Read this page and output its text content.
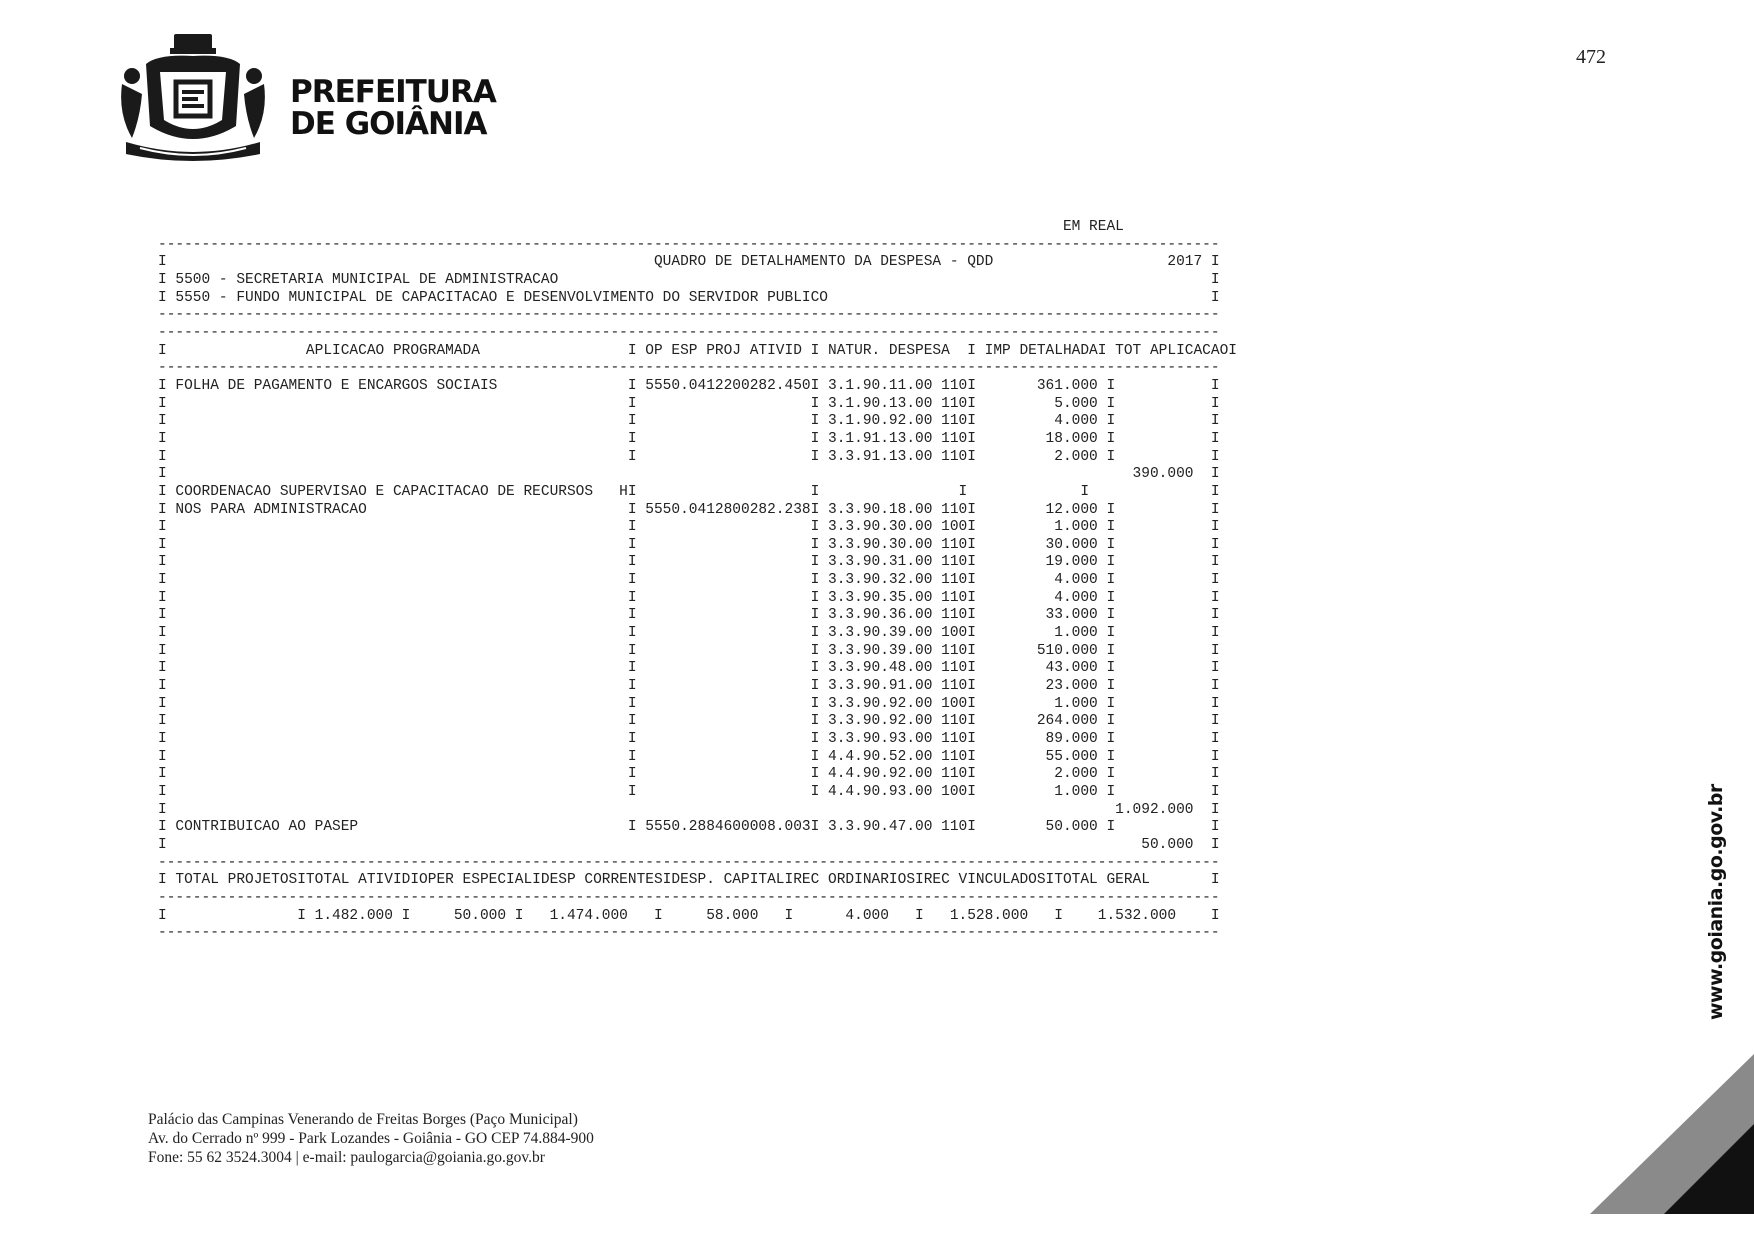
PREFEITURA
DE GOIÂNIA
472
EM REAL
--------------------------------------------------------------------------------------------------------------------------
I                                                        QUADRO DE DETALHAMENTO DA DESPESA - QDD                    2017 I
I 5500 - SECRETARIA MUNICIPAL DE ADMINISTRACAO                                                                           I
I 5550 - FUNDO MUNICIPAL DE CAPACITACAO E DESENVOLVIMENTO DO SERVIDOR PUBLICO                                            I
--------------------------------------------------------------------------------------------------------------------------
--------------------------------------------------------------------------------------------------------------------------
I                APLICACAO PROGRAMADA                 I OP ESP PROJ ATIVID I NATUR. DESPESA  I IMP DETALHADAI TOT APLICACAOI
--------------------------------------------------------------------------------------------------------------------------
I FOLHA DE PAGAMENTO E ENCARGOS SOCIAIS               I 5550.0412200282.450I 3.1.90.11.00 110I       361.000 I           I
I                                                     I                    I 3.1.90.13.00 110I         5.000 I           I
I                                                     I                    I 3.1.90.92.00 110I         4.000 I           I
I                                                     I                    I 3.1.91.13.00 110I        18.000 I           I
I                                                     I                    I 3.3.91.13.00 110I         2.000 I           I
I                                                                                                               390.000  I
I COORDENACAO SUPERVISAO E CAPACITACAO DE RECURSOS   HI                    I                I             I              I
I NOS PARA ADMINISTRACAO                              I 5550.0412800282.238I 3.3.90.18.00 110I        12.000 I           I
I                                                     I                    I 3.3.90.30.00 100I         1.000 I           I
I                                                     I                    I 3.3.90.30.00 110I        30.000 I           I
I                                                     I                    I 3.3.90.31.00 110I        19.000 I           I
I                                                     I                    I 3.3.90.32.00 110I         4.000 I           I
I                                                     I                    I 3.3.90.35.00 110I         4.000 I           I
I                                                     I                    I 3.3.90.36.00 110I        33.000 I           I
I                                                     I                    I 3.3.90.39.00 100I         1.000 I           I
I                                                     I                    I 3.3.90.39.00 110I       510.000 I           I
I                                                     I                    I 3.3.90.48.00 110I        43.000 I           I
I                                                     I                    I 3.3.90.91.00 110I        23.000 I           I
I                                                     I                    I 3.3.90.92.00 100I         1.000 I           I
I                                                     I                    I 3.3.90.92.00 110I       264.000 I           I
I                                                     I                    I 3.3.90.93.00 110I        89.000 I           I
I                                                     I                    I 4.4.90.52.00 110I        55.000 I           I
I                                                     I                    I 4.4.90.92.00 110I         2.000 I           I
I                                                     I                    I 4.4.90.93.00 100I         1.000 I           I
I                                                                                                             1.092.000  I
I CONTRIBUICAO AO PASEP                               I 5550.2884600008.003I 3.3.90.47.00 110I        50.000 I           I
I                                                                                                                50.000  I
--------------------------------------------------------------------------------------------------------------------------
I TOTAL PROJETOSITOTAL ATIVIDIOPER ESPECIALIDESP CORRENTESIDESP. CAPITALIREC ORDINARIOSIREC VINCULADOSITOTAL GERAL       I
--------------------------------------------------------------------------------------------------------------------------
I               I 1.482.000 I     50.000 I   1.474.000   I     58.000   I      4.000   I   1.528.000   I    1.532.000    I
--------------------------------------------------------------------------------------------------------------------------
Palácio das Campinas Venerando de Freitas Borges (Paço Municipal)
Av. do Cerrado nº 999 - Park Lozandes - Goiânia - GO CEP 74.884-900
Fone: 55 62 3524.3004 | e-mail: paulogarcia@goiania.go.gov.br
www.goiania.go.gov.br
